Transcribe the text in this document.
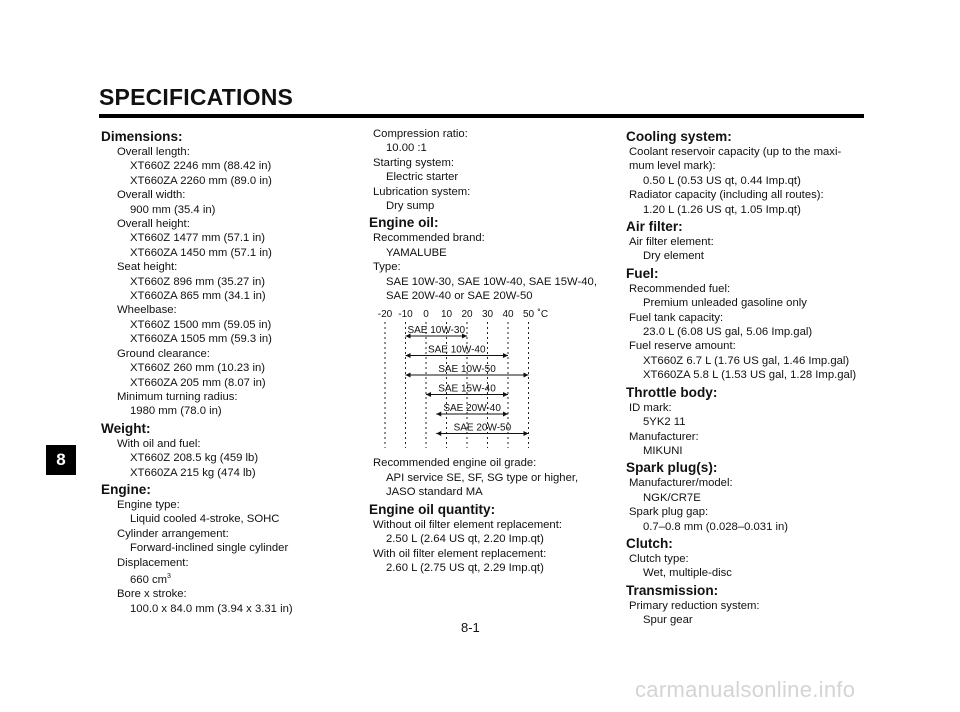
SPECIFICATIONS
8
Dimensions:
Overall length:
XT660Z 2246 mm (88.42 in)
XT660ZA 2260 mm (89.0 in)
Overall width:
900 mm (35.4 in)
Overall height:
XT660Z 1477 mm (57.1 in)
XT660ZA 1450 mm (57.1 in)
Seat height:
XT660Z 896 mm (35.27 in)
XT660ZA 865 mm (34.1 in)
Wheelbase:
XT660Z 1500 mm (59.05 in)
XT660ZA 1505 mm (59.3 in)
Ground clearance:
XT660Z 260 mm (10.23 in)
XT660ZA 205 mm (8.07 in)
Minimum turning radius:
1980 mm (78.0 in)
Weight:
With oil and fuel:
XT660Z 208.5 kg (459 lb)
XT660ZA 215 kg (474 lb)
Engine:
Engine type:
Liquid cooled 4-stroke, SOHC
Cylinder arrangement:
Forward-inclined single cylinder
Displacement:
660 $cm^3$
Bore x stroke:
100.0 x 84.0 mm (3.94 x 3.31 in)
Compression ratio:
10.00 :1
Starting system:
Electric starter
Lubrication system:
Dry sump
Engine oil:
Recommended brand:
YAMALUBE
Type:
SAE 10W-30, SAE 10W-40, SAE 15W-40,
SAE 20W-40 or SAE 20W-50
-20 -10 0 10 20 30 40 50 ˚C
SAE 10W-30
SAE 10W-40
SAE 10W-50
SAE 15W-40
SAE 20W-40
SAE 20W-50
Recommended engine oil grade:
API service SE, SF, SG type or higher,
JASO standard MA
Engine oil quantity:
Without oil filter element replacement:
2.50 L (2.64 US qt, 2.20 Imp.qt)
With oil filter element replacement:
2.60 L (2.75 US qt, 2.29 Imp.qt)
Cooling system:
Coolant reservoir capacity (up to the maxi-
mum level mark):
0.50 L (0.53 US qt, 0.44 Imp.qt)
Radiator capacity (including all routes):
1.20 L (1.26 US qt, 1.05 Imp.qt)
Air filter:
Air filter element:
Dry element
Fuel:
Recommended fuel:
Premium unleaded gasoline only
Fuel tank capacity:
23.0 L (6.08 US gal, 5.06 Imp.gal)
Fuel reserve amount:
XT660Z 6.7 L (1.76 US gal, 1.46 Imp.gal)
XT660ZA 5.8 L (1.53 US gal, 1.28 Imp.gal)
Throttle body:
ID mark:
5YK2 11
Manufacturer:
MIKUNI
Spark plug(s):
Manufacturer/model:
NGK/CR7E
Spark plug gap:
0.7–0.8 mm (0.028–0.031 in)
Clutch:
Clutch type:
Wet, multiple-disc
Transmission:
Primary reduction system:
Spur gear
8-1
carmanualsonline.info
